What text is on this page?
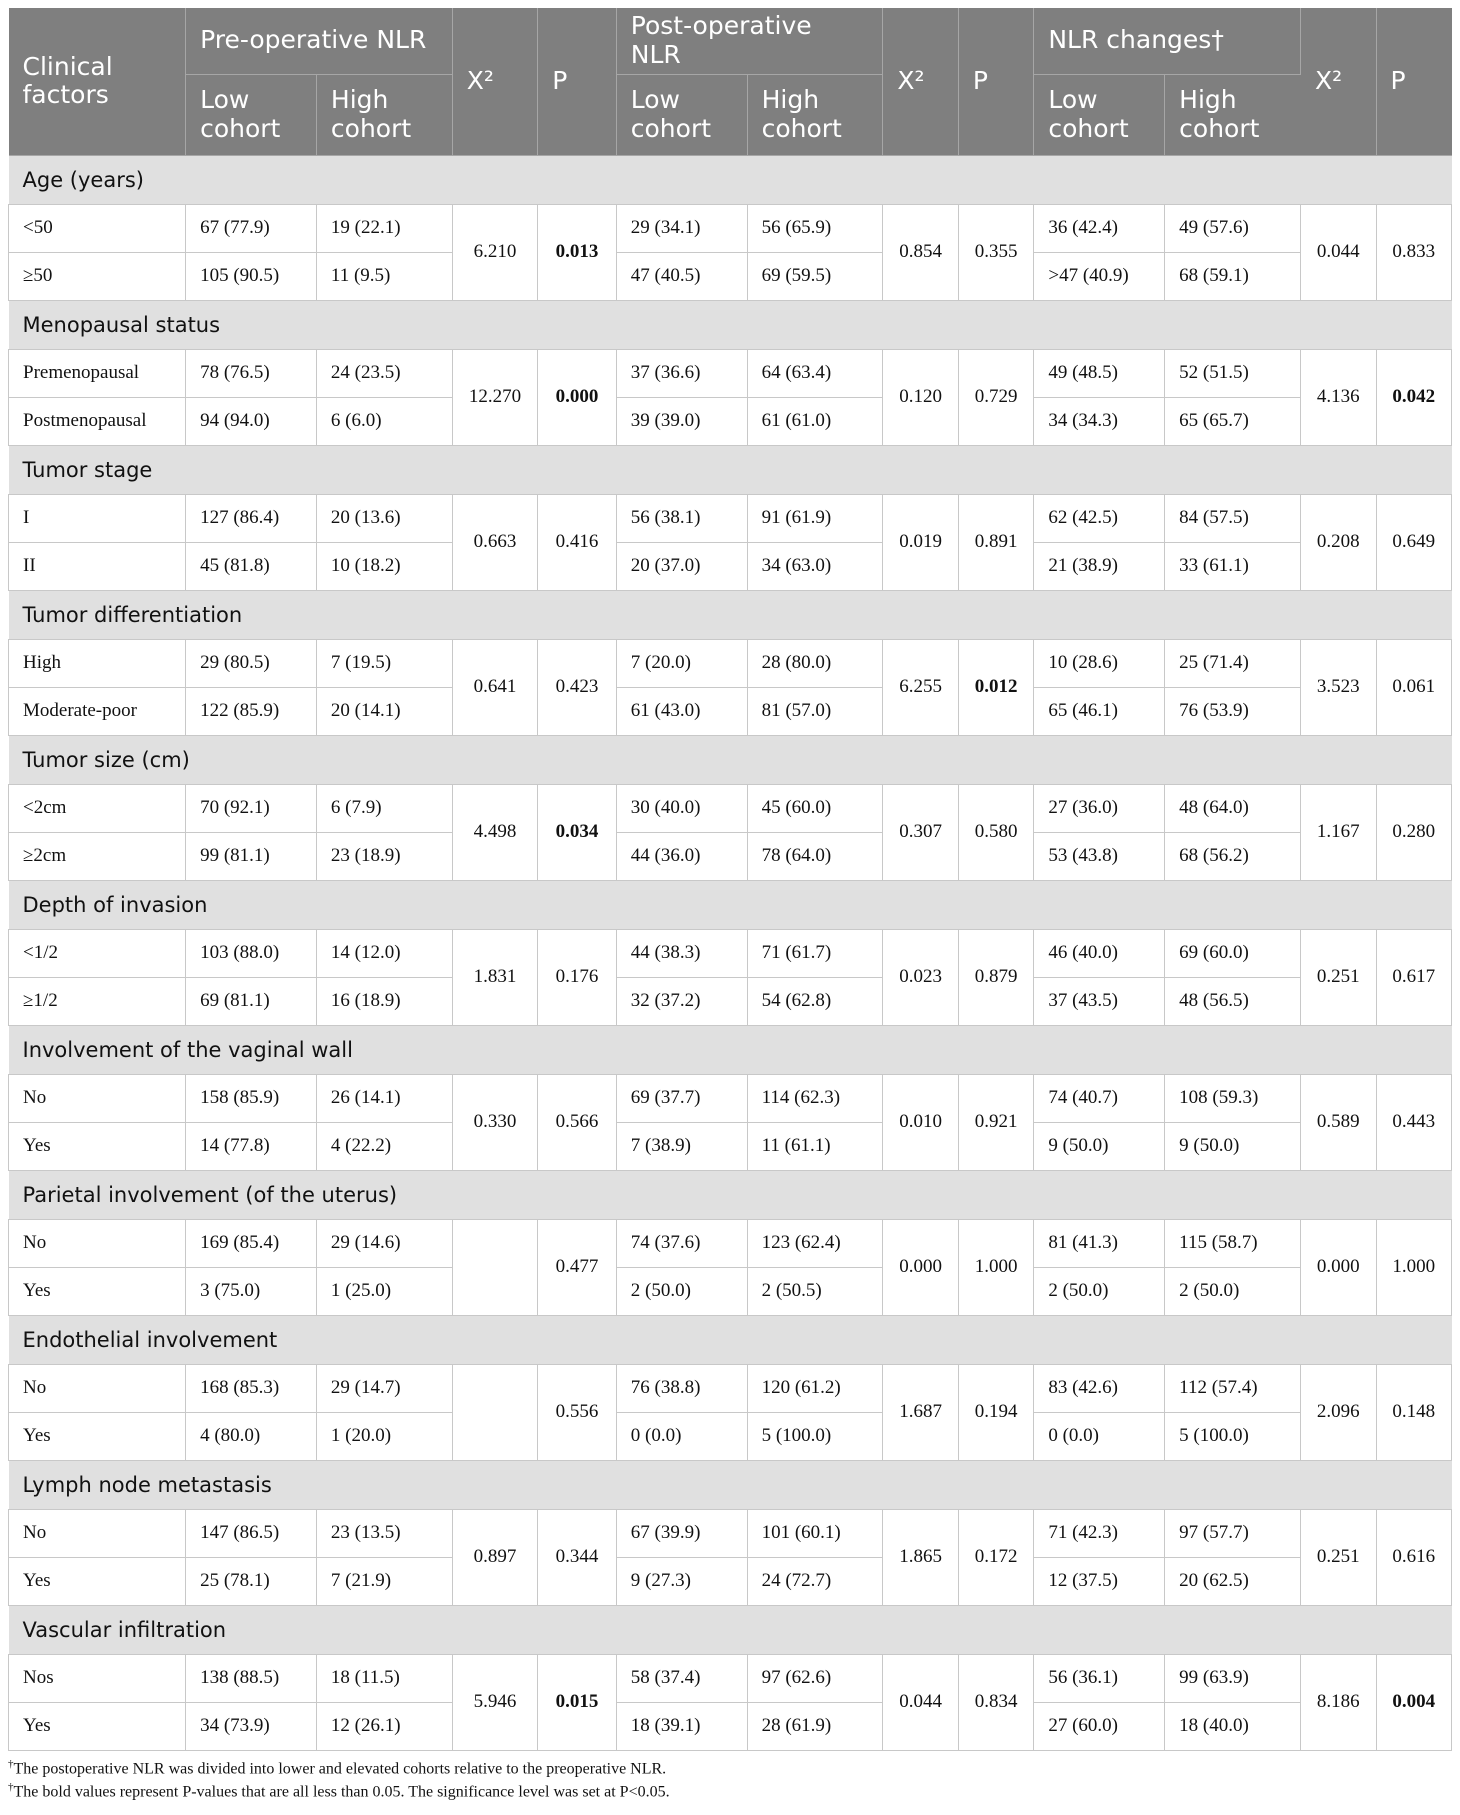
Clinical factors	Pre-operative NLR		X²	P	Post-operative NLR		X²	P	NLR changes†		X²	P
	Low cohort	High cohort			Low cohort	High cohort			Low cohort	High cohort		
Age (years)												
<50	67 (77.9)	19 (22.1)	6.210	0.013	29 (34.1)	56 (65.9)	0.854	0.355	36 (42.4)	49 (57.6)	0.044	0.833
≥50	105 (90.5)	11 (9.5)			47 (40.5)	69 (59.5)			>47 (40.9)	68 (59.1)		
Menopausal status												
Premenopausal	78 (76.5)	24 (23.5)	12.270	0.000	37 (36.6)	64 (63.4)	0.120	0.729	49 (48.5)	52 (51.5)	4.136	0.042
Postmenopausal	94 (94.0)	6 (6.0)			39 (39.0)	61 (61.0)			34 (34.3)	65 (65.7)		
Tumor stage												
I	127 (86.4)	20 (13.6)	0.663	0.416	56 (38.1)	91 (61.9)	0.019	0.891	62 (42.5)	84 (57.5)	0.208	0.649
II	45 (81.8)	10 (18.2)			20 (37.0)	34 (63.0)			21 (38.9)	33 (61.1)		
Tumor differentiation												
High	29 (80.5)	7 (19.5)	0.641	0.423	7 (20.0)	28 (80.0)	6.255	0.012	10 (28.6)	25 (71.4)	3.523	0.061
Moderate-poor	122 (85.9)	20 (14.1)			61 (43.0)	81 (57.0)			65 (46.1)	76 (53.9)		
Tumor size (cm)												
<2cm	70 (92.1)	6 (7.9)	4.498	0.034	30 (40.0)	45 (60.0)	0.307	0.580	27 (36.0)	48 (64.0)	1.167	0.280
≥2cm	99 (81.1)	23 (18.9)			44 (36.0)	78 (64.0)			53 (43.8)	68 (56.2)		
Depth of invasion												
<1/2	103 (88.0)	14 (12.0)	1.831	0.176	44 (38.3)	71 (61.7)	0.023	0.879	46 (40.0)	69 (60.0)	0.251	0.617
≥1/2	69 (81.1)	16 (18.9)			32 (37.2)	54 (62.8)			37 (43.5)	48 (56.5)		
Involvement of the vaginal wall												
No	158 (85.9)	26 (14.1)	0.330	0.566	69 (37.7)	114 (62.3)	0.010	0.921	74 (40.7)	108 (59.3)	0.589	0.443
Yes	14 (77.8)	4 (22.2)			7 (38.9)	11 (61.1)			9 (50.0)	9 (50.0)		
Parietal involvement (of the uterus)												
No	169 (85.4)	29 (14.6)		0.477	74 (37.6)	123 (62.4)	0.000	1.000	81 (41.3)	115 (58.7)	0.000	1.000
Yes	3 (75.0)	1 (25.0)			2 (50.0)	2 (50.5)			2 (50.0)	2 (50.0)		
Endothelial involvement												
No	168 (85.3)	29 (14.7)		0.556	76 (38.8)	120 (61.2)	1.687	0.194	83 (42.6)	112 (57.4)	2.096	0.148
Yes	4 (80.0)	1 (20.0)			0 (0.0)	5 (100.0)			0 (0.0)	5 (100.0)		
Lymph node metastasis												
No	147 (86.5)	23 (13.5)	0.897	0.344	67 (39.9)	101 (60.1)	1.865	0.172	71 (42.3)	97 (57.7)	0.251	0.616
Yes	25 (78.1)	7 (21.9)			9 (27.3)	24 (72.7)			12 (37.5)	20 (62.5)		
Vascular infiltration												
Nos	138 (88.5)	18 (11.5)	5.946	0.015	58 (37.4)	97 (62.6)	0.044	0.834	56 (36.1)	99 (63.9)	8.186	0.004
Yes	34 (73.9)	12 (26.1)			18 (39.1)	28 (61.9)			27 (60.0)	18 (40.0)		
†The postoperative NLR was divided into lower and elevated cohorts relative to the preoperative NLR.
†The bold values represent P-values that are all less than 0.05. The significance level was set at P<0.05.
